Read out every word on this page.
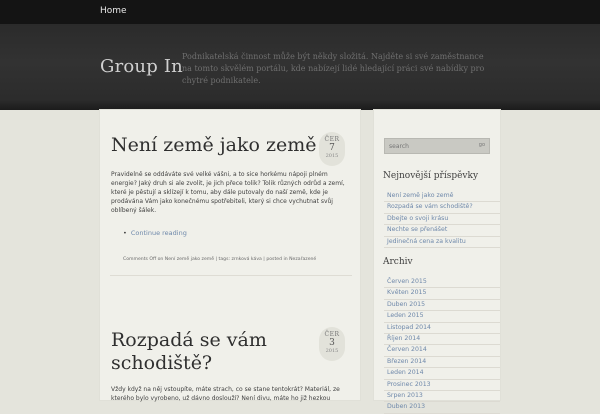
Home
Group In Podnikatelská činnost může být někdy složitá. Najděte si své zaměstnance na tomto skvělém portálu, kde nabízejí lidé hledající práci své nabídky pro chytré podnikatele.
Není země jako země	ČER
7
2015
Pravidelně se oddáváte své velké vášni, a to sice horkému nápoji plném energie? Jaký druh si ale zvolit, je jich přece tolik? Tolik různých odrůd a zemí, které je pěstují a sklízejí k tomu, aby dále putovaly do naší země, kde je prodávána Vám jako konečnému spotřebiteli, který si chce vychutnat svůj oblíbený šálek.
• Continue reading
Comments Off on Není země jako země | tags: zrnková káva | posted in Nezařazené
Rozpadá se vám schodiště?
ČER
3
2015
Vždy když na něj vstoupíte, máte strach, co se stane tentokrát? Materiál, ze kterého bylo vyrobeno, už dávno doslouží? Není divu, máte ho již hezkou
search
go
Nejnovější příspěvky
Není země jako země
Rozpadá se vám schodiště?
Dbejte o svoji krásu
Nechte se přenášet
Jedinečná cena za kvalitu
Archiv
Červen 2015
Květen 2015
Duben 2015
Leden 2015
Listopad 2014
Říjen 2014
Červen 2014
Březen 2014
Leden 2014
Prosinec 2013
Srpen 2013
Duben 2013
